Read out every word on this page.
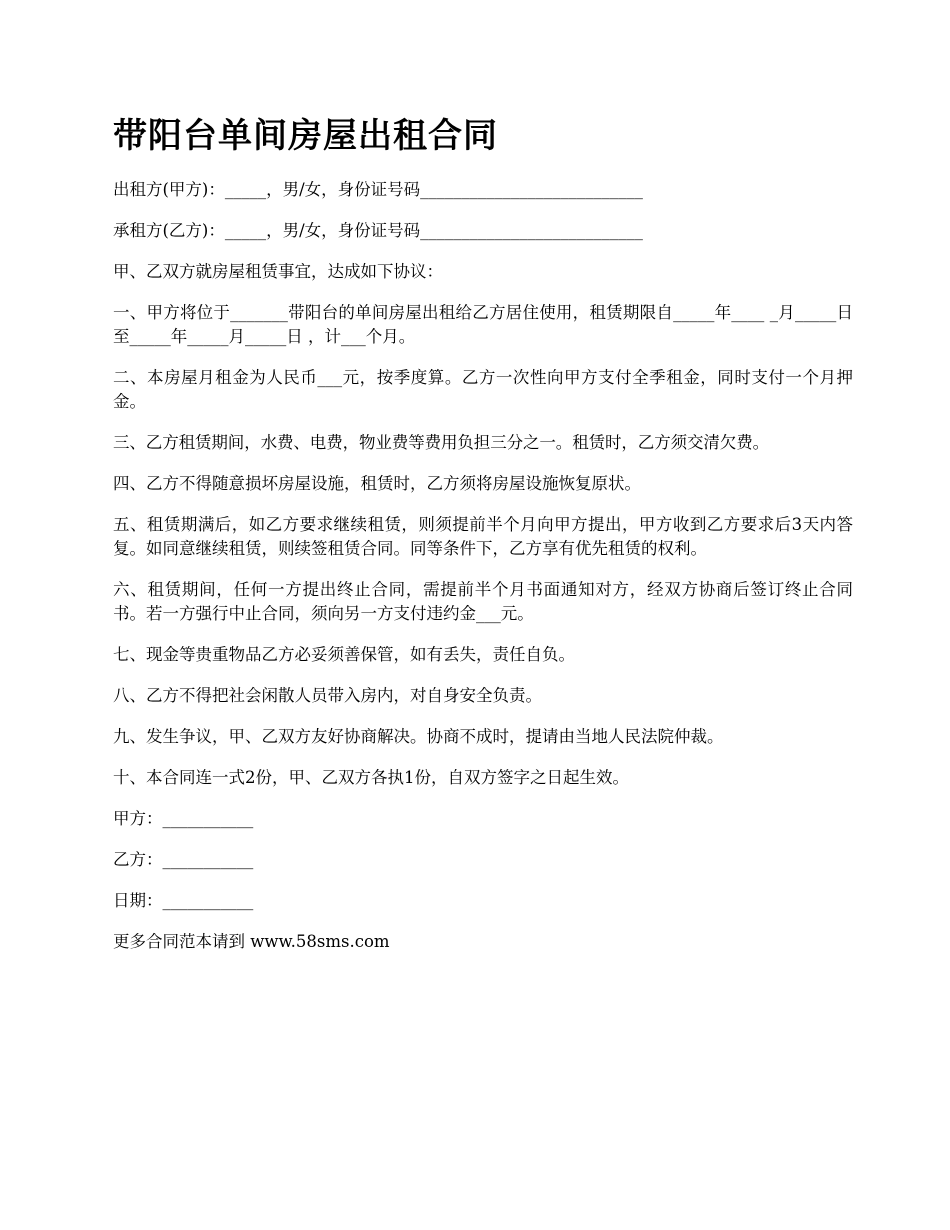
带阳台单间房屋出租合同

出租方(甲方)：_____，男/女，身份证号码___________________________

承租方(乙方)：_____，男/女，身份证号码___________________________

甲、乙双方就房屋租赁事宜，达成如下协议：

一、甲方将位于_______带阳台的单间房屋出租给乙方居住使用，租赁期限自_____年____ _月_____日 至_____年_____月_____日 ，计___个月。

二、本房屋月租金为人民币___元，按季度算。乙方一次性向甲方支付全季租金，同时支付一个月押金。

三、乙方租赁期间，水费、电费，物业费等费用负担三分之一。租赁时，乙方须交清欠费。

四、乙方不得随意损坏房屋设施，租赁时，乙方须将房屋设施恢复原状。

五、租赁期满后，如乙方要求继续租赁，则须提前半个月向甲方提出，甲方收到乙方要求后3天内答复。如同意继续租赁，则续签租赁合同。同等条件下，乙方享有优先租赁的权利。

六、租赁期间，任何一方提出终止合同，需提前半个月书面通知对方，经双方协商后签订终止合同书。若一方强行中止合同，须向另一方支付违约金___元。

七、现金等贵重物品乙方必妥须善保管，如有丢失，责任自负。

八、乙方不得把社会闲散人员带入房内，对自身安全负责。

九、发生争议，甲、乙双方友好协商解决。协商不成时，提请由当地人民法院仲裁。

十、本合同连一式2份，甲、乙双方各执1份，自双方签字之日起生效。

甲方：___________

乙方：___________

日期：___________

更多合同范本请到 www.58sms.com
